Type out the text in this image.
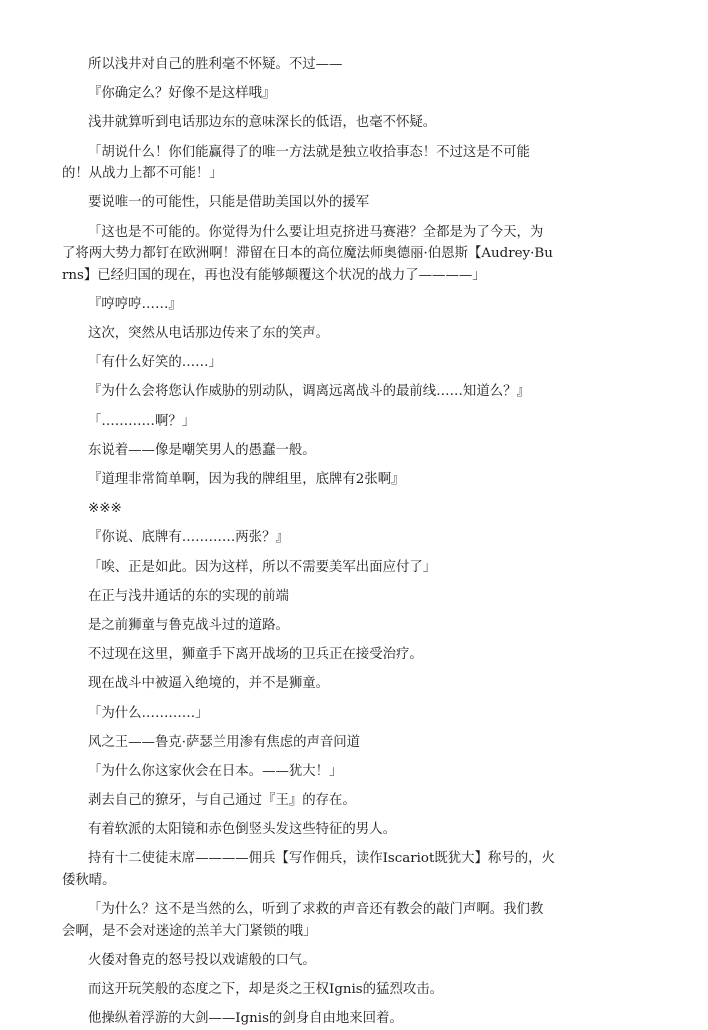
所以浅井对自己的胜利毫不怀疑。不过——

『你确定么？好像不是这样哦』

浅井就算听到电话那边东的意味深长的低语，也毫不怀疑。

「胡说什么！你们能赢得了的唯一方法就是独立收拾事态！不过这是不可能的！从战力上都不可能！」

要说唯一的可能性，只能是借助美国以外的援军

「这也是不可能的。你觉得为什么要让坦克挤进马赛港？全都是为了今天，为了将两大势力都钉在欧洲啊！滞留在日本的高位魔法师奥德丽·伯恩斯【Audrey·Burns】已经归国的现在，再也没有能够颠覆这个状况的战力了————」

『哼哼哼……』

这次，突然从电话那边传来了东的笑声。

「有什么好笑的……」

『为什么会将您认作威胁的别动队，调离远离战斗的最前线……知道么？』

「…………啊？」

东说着——像是嘲笑男人的愚蠢一般。

『道理非常简单啊，因为我的牌组里，底牌有2张啊』

※※※

『你说、底牌有…………两张？』

「唉、正是如此。因为这样，所以不需要美军出面应付了」

在正与浅井通话的东的实现的前端

是之前狮童与鲁克战斗过的道路。

不过现在这里，狮童手下离开战场的卫兵正在接受治疗。

现在战斗中被逼入绝境的，并不是狮童。

「为什么…………」

风之王——鲁克·萨瑟兰用渗有焦虑的声音问道

「为什么你这家伙会在日本。——犹大！」

剥去自己的獠牙，与自己通过『王』的存在。

有着软派的太阳镜和赤色倒竖头发这些特征的男人。

持有十二使徒末席————佣兵【写作佣兵，读作Iscariot既犹大】称号的，火倭秋晴。

「为什么？这不是当然的么，听到了求救的声音还有教会的敲门声啊。我们教会啊，是不会对迷途的羔羊大门紧锁的哦」

火倭对鲁克的怒号投以戏谑般的口气。

而这开玩笑般的态度之下，却是炎之王权Ignis的猛烈攻击。

他操纵着浮游的大剑——Ignis的剑身自由地来回着。
